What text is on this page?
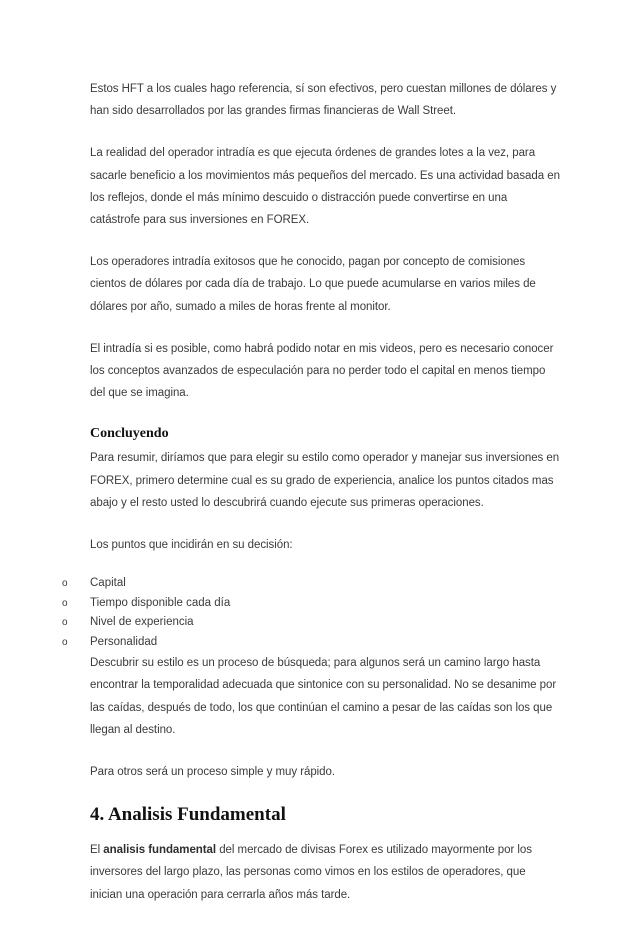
Estos HFT a los cuales hago referencia, sí son efectivos, pero cuestan millones de dólares y han sido desarrollados por las grandes firmas financieras de Wall Street.

La realidad del operador intradía es que ejecuta órdenes de grandes lotes a la vez, para sacarle beneficio a los movimientos más pequeños del mercado. Es una actividad basada en los reflejos, donde el más mínimo descuido o distracción puede convertirse en una catástrofe para sus inversiones en FOREX.

Los operadores intradía exitosos que he conocido, pagan por concepto de comisiones cientos de dólares por cada día de trabajo. Lo que puede acumularse en varios miles de dólares por año, sumado a miles de horas frente al monitor.

El intradía si es posible, como habrá podido notar en mis videos, pero es necesario conocer los conceptos avanzados de especulación para no perder todo el capital en menos tiempo del que se imagina.

Concluyendo

Para resumir, diríamos que para elegir su estilo como operador y manejar sus inversiones en FOREX, primero determine cual es su grado de experiencia, analice los puntos citados mas abajo y el resto usted lo descubrirá cuando ejecute sus primeras operaciones.

Los puntos que incidirán en su decisión:

o Capital
o Tiempo disponible cada día
o Nivel de experiencia
o Personalidad

Descubrir su estilo es un proceso de búsqueda; para algunos será un camino largo hasta encontrar la temporalidad adecuada que sintonice con su personalidad. No se desanime por las caídas, después de todo, los que continúan el camino a pesar de las caídas son los que llegan al destino.

Para otros será un proceso simple y muy rápido.

4. Analisis Fundamental

El analisis fundamental del mercado de divisas Forex es utilizado mayormente por los inversores del largo plazo, las personas como vimos en los estilos de operadores, que inician una operación para cerrarla años más tarde.
